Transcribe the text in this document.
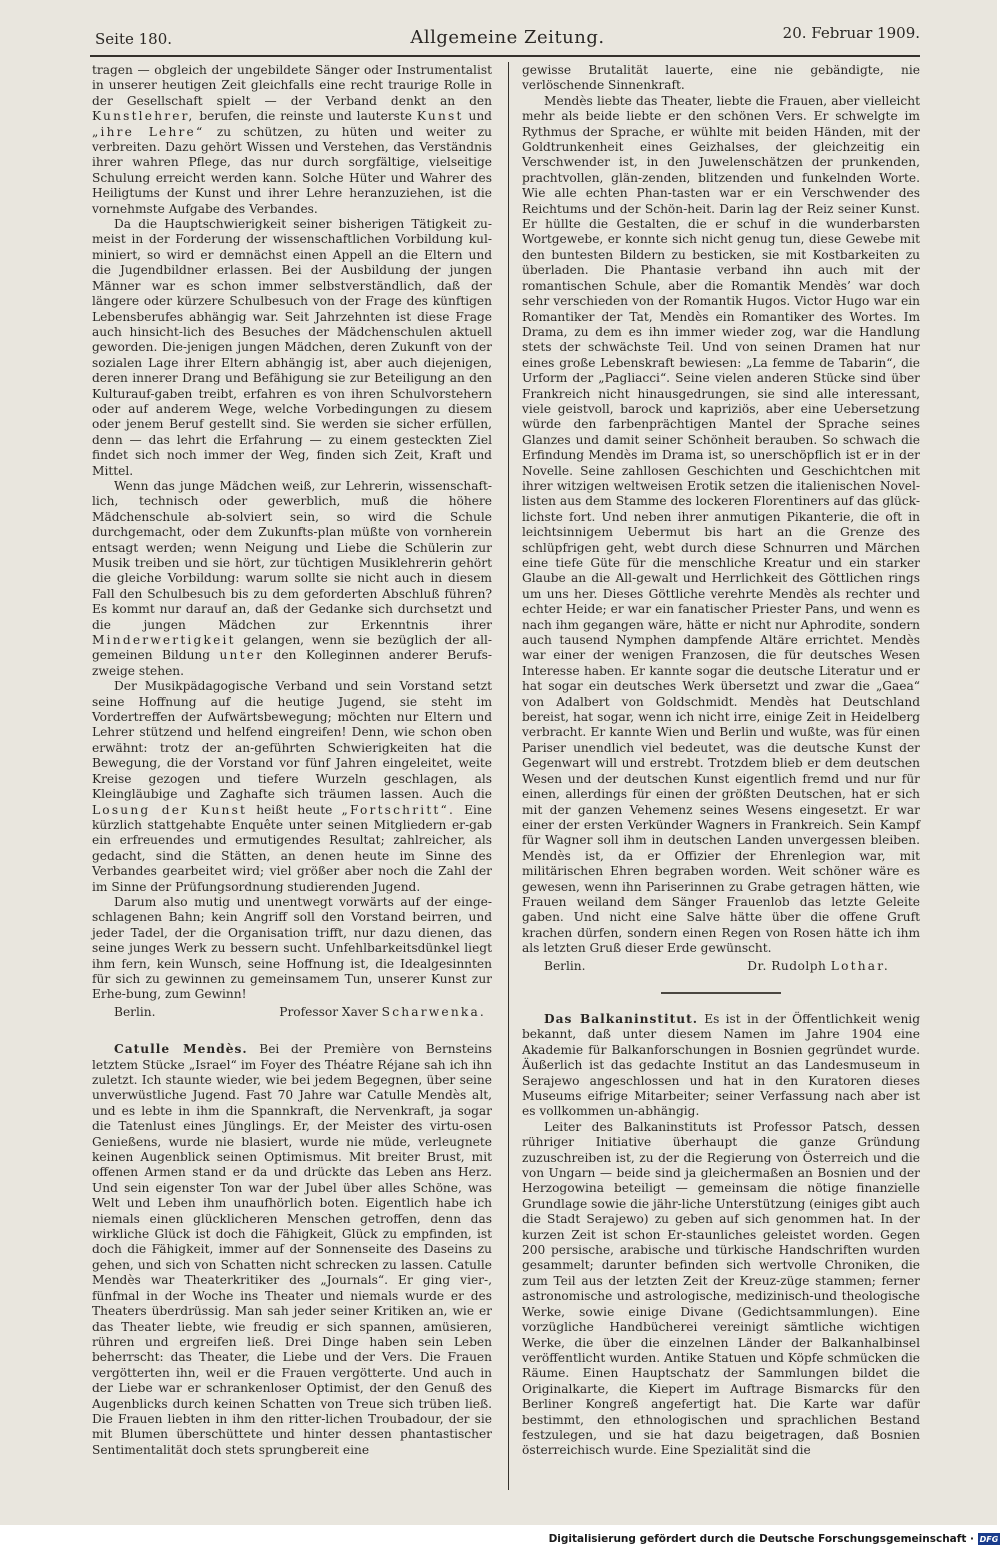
Seite 180.	Allgemeine Zeitung.	20. Februar 1909.

tragen — obgleich der ungebildete Sänger oder Instrumentalist in unserer heutigen Zeit gleichfalls eine recht traurige Rolle in der Gesellschaft spielt — der Verband denkt an den Kunstlehrer, berufen, die reinste und lauterste Kunst und „ihre Lehre“ zu schützen, zu hüten und weiter zu verbreiten. Dazu gehört Wissen und Verstehen, das Verständnis ihrer wahren Pflege, das nur durch sorgfältige, vielseitige Schulung erreicht werden kann. Solche Hüter und Wahrer des Heiligtums der Kunst und ihrer Lehre heranzuziehen, ist die vornehmste Aufgabe des Verbandes.

Da die Hauptschwierigkeit seiner bisherigen Tätigkeit zu-meist in der Forderung der wissenschaftlichen Vorbildung kul-miniert, so wird er demnächst einen Appell an die Eltern und die Jugendbildner erlassen. Bei der Ausbildung der jungen Männer war es schon immer selbstverständlich, daß der längere oder kürzere Schulbesuch von der Frage des künftigen Lebensberufes abhängig war. Seit Jahrzehnten ist diese Frage auch hinsicht-lich des Besuches der Mädchenschulen aktuell geworden. Die-jenigen jungen Mädchen, deren Zukunft von der sozialen Lage ihrer Eltern abhängig ist, aber auch diejenigen, deren innerer Drang und Befähigung sie zur Beteiligung an den Kulturauf-gaben treibt, erfahren es von ihren Schulvorstehern oder auf anderem Wege, welche Vorbedingungen zu diesem oder jenem Beruf gestellt sind. Sie werden sie sicher erfüllen, denn — das lehrt die Erfahrung — zu einem gesteckten Ziel findet sich noch immer der Weg, finden sich Zeit, Kraft und Mittel.

Wenn das junge Mädchen weiß, zur Lehrerin, wissenschaft-lich, technisch oder gewerblich, muß die höhere Mädchenschule ab-solviert sein, so wird die Schule durchgemacht, oder dem Zukunfts-plan müßte von vornherein entsagt werden; wenn Neigung und Liebe die Schülerin zur Musik treiben und sie hört, zur tüchtigen Musiklehrerin gehört die gleiche Vorbildung: warum sollte sie nicht auch in diesem Fall den Schulbesuch bis zu dem geforderten Abschluß führen? Es kommt nur darauf an, daß der Gedanke sich durchsetzt und die jungen Mädchen zur Erkenntnis ihrer Minderwertigkeit gelangen, wenn sie bezüglich der all-gemeinen Bildung unter den Kolleginnen anderer Berufs-zweige stehen.

Der Musikpädagogische Verband und sein Vorstand setzt seine Hoffnung auf die heutige Jugend, sie steht im Vordertreffen der Aufwärtsbewegung; möchten nur Eltern und Lehrer stützend und helfend eingreifen! Denn, wie schon oben erwähnt: trotz der an-geführten Schwierigkeiten hat die Bewegung, die der Vorstand vor fünf Jahren eingeleitet, weite Kreise gezogen und tiefere Wurzeln geschlagen, als Kleingläubige und Zaghafte sich träumen lassen. Auch die Losung der Kunst heißt heute „Fortschritt“. Eine kürzlich stattgehabte Enquête unter seinen Mitgliedern er-gab ein erfreuendes und ermutigendes Resultat; zahlreicher, als gedacht, sind die Stätten, an denen heute im Sinne des Verbandes gearbeitet wird; viel größer aber noch die Zahl der im Sinne der Prüfungsordnung studierenden Jugend.

Darum also mutig und unentwegt vorwärts auf der einge-schlagenen Bahn; kein Angriff soll den Vorstand beirren, und jeder Tadel, der die Organisation trifft, nur dazu dienen, das seine junges Werk zu bessern sucht. Unfehlbarkeitsdünkel liegt ihm fern, kein Wunsch, seine Hoffnung ist, die Idealgesinnten für sich zu gewinnen zu gemeinsamem Tun, unserer Kunst zur Erhe-bung, zum Gewinn!

Berlin.	Professor Xaver Scharwenka.

Catulle Mendès. Bei der Première von Bernsteins letztem Stücke „Israel“ im Foyer des Théatre Réjane sah ich ihn zuletzt. Ich staunte wieder, wie bei jedem Begegnen, über seine unverwüstliche Jugend. Fast 70 Jahre war Catulle Mendès alt, und es lebte in ihm die Spannkraft, die Nervenkraft, ja sogar die Tatenlust eines Jünglings. Er, der Meister des virtu-osen Genießens, wurde nie blasiert, wurde nie müde, verleugnete keinen Augenblick seinen Optimismus. Mit breiter Brust, mit offenen Armen stand er da und drückte das Leben ans Herz. Und sein eigenster Ton war der Jubel über alles Schöne, was Welt und Leben ihm unaufhörlich boten. Eigentlich habe ich niemals einen glücklicheren Menschen getroffen, denn das wirkliche Glück ist doch die Fähigkeit, Glück zu empfinden, ist doch die Fähigkeit, immer auf der Sonnenseite des Daseins zu gehen, und sich von Schatten nicht schrecken zu lassen. Catulle Mendès war Theaterkritiker des „Journals“. Er ging vier-, fünfmal in der Woche ins Theater und niemals wurde er des Theaters überdrüssig. Man sah jeder seiner Kritiken an, wie er das Theater liebte, wie freudig er sich spannen, amüsieren, rühren und ergreifen ließ. Drei Dinge haben sein Leben beherrscht: das Theater, die Liebe und der Vers. Die Frauen vergötterten ihn, weil er die Frauen vergötterte. Und auch in der Liebe war er schrankenloser Optimist, der den Genuß des Augenblicks durch keinen Schatten von Treue sich trüben ließ. Die Frauen liebten in ihm den ritter-lichen Troubadour, der sie mit Blumen überschüttete und hinter dessen phantastischer Sentimentalität doch stets sprungbereit eine

gewisse Brutalität lauerte, eine nie gebändigte, nie verlöschende Sinnenkraft.

Mendès liebte das Theater, liebte die Frauen, aber vielleicht mehr als beide liebte er den schönen Vers. Er schwelgte im Rythmus der Sprache, er wühlte mit beiden Händen, mit der Goldtrunkenheit eines Geizhalses, der gleichzeitig ein Verschwender ist, in den Juwelenschätzen der prunkenden, prachtvollen, glän-zenden, blitzenden und funkelnden Worte. Wie alle echten Phan-tasten war er ein Verschwender des Reichtums und der Schön-heit. Darin lag der Reiz seiner Kunst. Er hüllte die Gestalten, die er schuf in die wunderbarsten Wortgewebe, er konnte sich nicht genug tun, diese Gewebe mit den buntesten Bildern zu besticken, sie mit Kostbarkeiten zu überladen. Die Phantasie verband ihn auch mit der romantischen Schule, aber die Romantik Mendès’ war doch sehr verschieden von der Romantik Hugos. Victor Hugo war ein Romantiker der Tat, Mendès ein Romantiker des Wortes. Im Drama, zu dem es ihn immer wieder zog, war die Handlung stets der schwächste Teil. Und von seinen Dramen hat nur eines große Lebenskraft bewiesen: „La femme de Tabarin“, die Urform der „Pagliacci“. Seine vielen anderen Stücke sind über Frankreich nicht hinausgedrungen, sie sind alle interessant, viele geistvoll, barock und kapriziös, aber eine Uebersetzung würde den farbenprächtigen Mantel der Sprache seines Glanzes und damit seiner Schönheit berauben. So schwach die Erfindung Mendès im Drama ist, so unerschöpflich ist er in der Novelle. Seine zahllosen Geschichten und Geschichtchen mit ihrer witzigen weltweisen Erotik setzen die italienischen Novel-listen aus dem Stamme des lockeren Florentiners auf das glück-lichste fort. Und neben ihrer anmutigen Pikanterie, die oft in leichtsinnigem Uebermut bis hart an die Grenze des schlüpfrigen geht, webt durch diese Schnurren und Märchen eine tiefe Güte für die menschliche Kreatur und ein starker Glaube an die All-gewalt und Herrlichkeit des Göttlichen rings um uns her. Dieses Göttliche verehrte Mendès als rechter und echter Heide; er war ein fanatischer Priester Pans, und wenn es nach ihm gegangen wäre, hätte er nicht nur Aphrodite, sondern auch tausend Nymphen dampfende Altäre errichtet. Mendès war einer der wenigen Franzosen, die für deutsches Wesen Interesse haben. Er kannte sogar die deutsche Literatur und er hat sogar ein deutsches Werk übersetzt und zwar die „Gaea“ von Adalbert von Goldschmidt. Mendès hat Deutschland bereist, hat sogar, wenn ich nicht irre, einige Zeit in Heidelberg verbracht. Er kannte Wien und Berlin und wußte, was für einen Pariser unendlich viel bedeutet, was die deutsche Kunst der Gegenwart will und erstrebt. Trotzdem blieb er dem deutschen Wesen und der deutschen Kunst eigentlich fremd und nur für einen, allerdings für einen der größten Deutschen, hat er sich mit der ganzen Vehemenz seines Wesens eingesetzt. Er war einer der ersten Verkünder Wagners in Frankreich. Sein Kampf für Wagner soll ihm in deutschen Landen unvergessen bleiben. Mendès ist, da er Offizier der Ehrenlegion war, mit militärischen Ehren begraben worden. Weit schöner wäre es gewesen, wenn ihn Pariserinnen zu Grabe getragen hätten, wie Frauen weiland dem Sänger Frauenlob das letzte Geleite gaben. Und nicht eine Salve hätte über die offene Gruft krachen dürfen, sondern einen Regen von Rosen hätte ich ihm als letzten Gruß dieser Erde gewünscht.

Berlin.	Dr. Rudolph Lothar.

Das Balkaninstitut. Es ist in der Öffentlichkeit wenig bekannt, daß unter diesem Namen im Jahre 1904 eine Akademie für Balkanforschungen in Bosnien gegründet wurde. Äußerlich ist das gedachte Institut an das Landesmuseum in Serajewo angeschlossen und hat in den Kuratoren dieses Museums eifrige Mitarbeiter; seiner Verfassung nach aber ist es vollkommen un-abhängig.

Leiter des Balkaninstituts ist Professor Patsch, dessen rühriger Initiative überhaupt die ganze Gründung zuzuschreiben ist, zu der die Regierung von Österreich und die von Ungarn — beide sind ja gleichermaßen an Bosnien und der Herzogowina beteiligt — gemeinsam die nötige finanzielle Grundlage sowie die jähr-liche Unterstützung (einiges gibt auch die Stadt Serajewo) zu geben auf sich genommen hat. In der kurzen Zeit ist schon Er-staunliches geleistet worden. Gegen 200 persische, arabische und türkische Handschriften wurden gesammelt; darunter befinden sich wertvolle Chroniken, die zum Teil aus der letzten Zeit der Kreuz-züge stammen; ferner astronomische und astrologische, medizinisch-und theologische Werke, sowie einige Divane (Gedichtsammlungen). Eine vorzügliche Handbücherei vereinigt sämtliche wichtigen Werke, die über die einzelnen Länder der Balkanhalbinsel veröffentlicht wurden. Antike Statuen und Köpfe schmücken die Räume. Einen Hauptschatz der Sammlungen bildet die Originalkarte, die Kiepert im Auftrage Bismarcks für den Berliner Kongreß angefertigt hat. Die Karte war dafür bestimmt, den ethnologischen und sprachlichen Bestand festzulegen, und sie hat dazu beigetragen, daß Bosnien österreichisch wurde. Eine Spezialität sind die

Digitalisierung gefördert durch die Deutsche Forschungsgemeinschaft · DFG
